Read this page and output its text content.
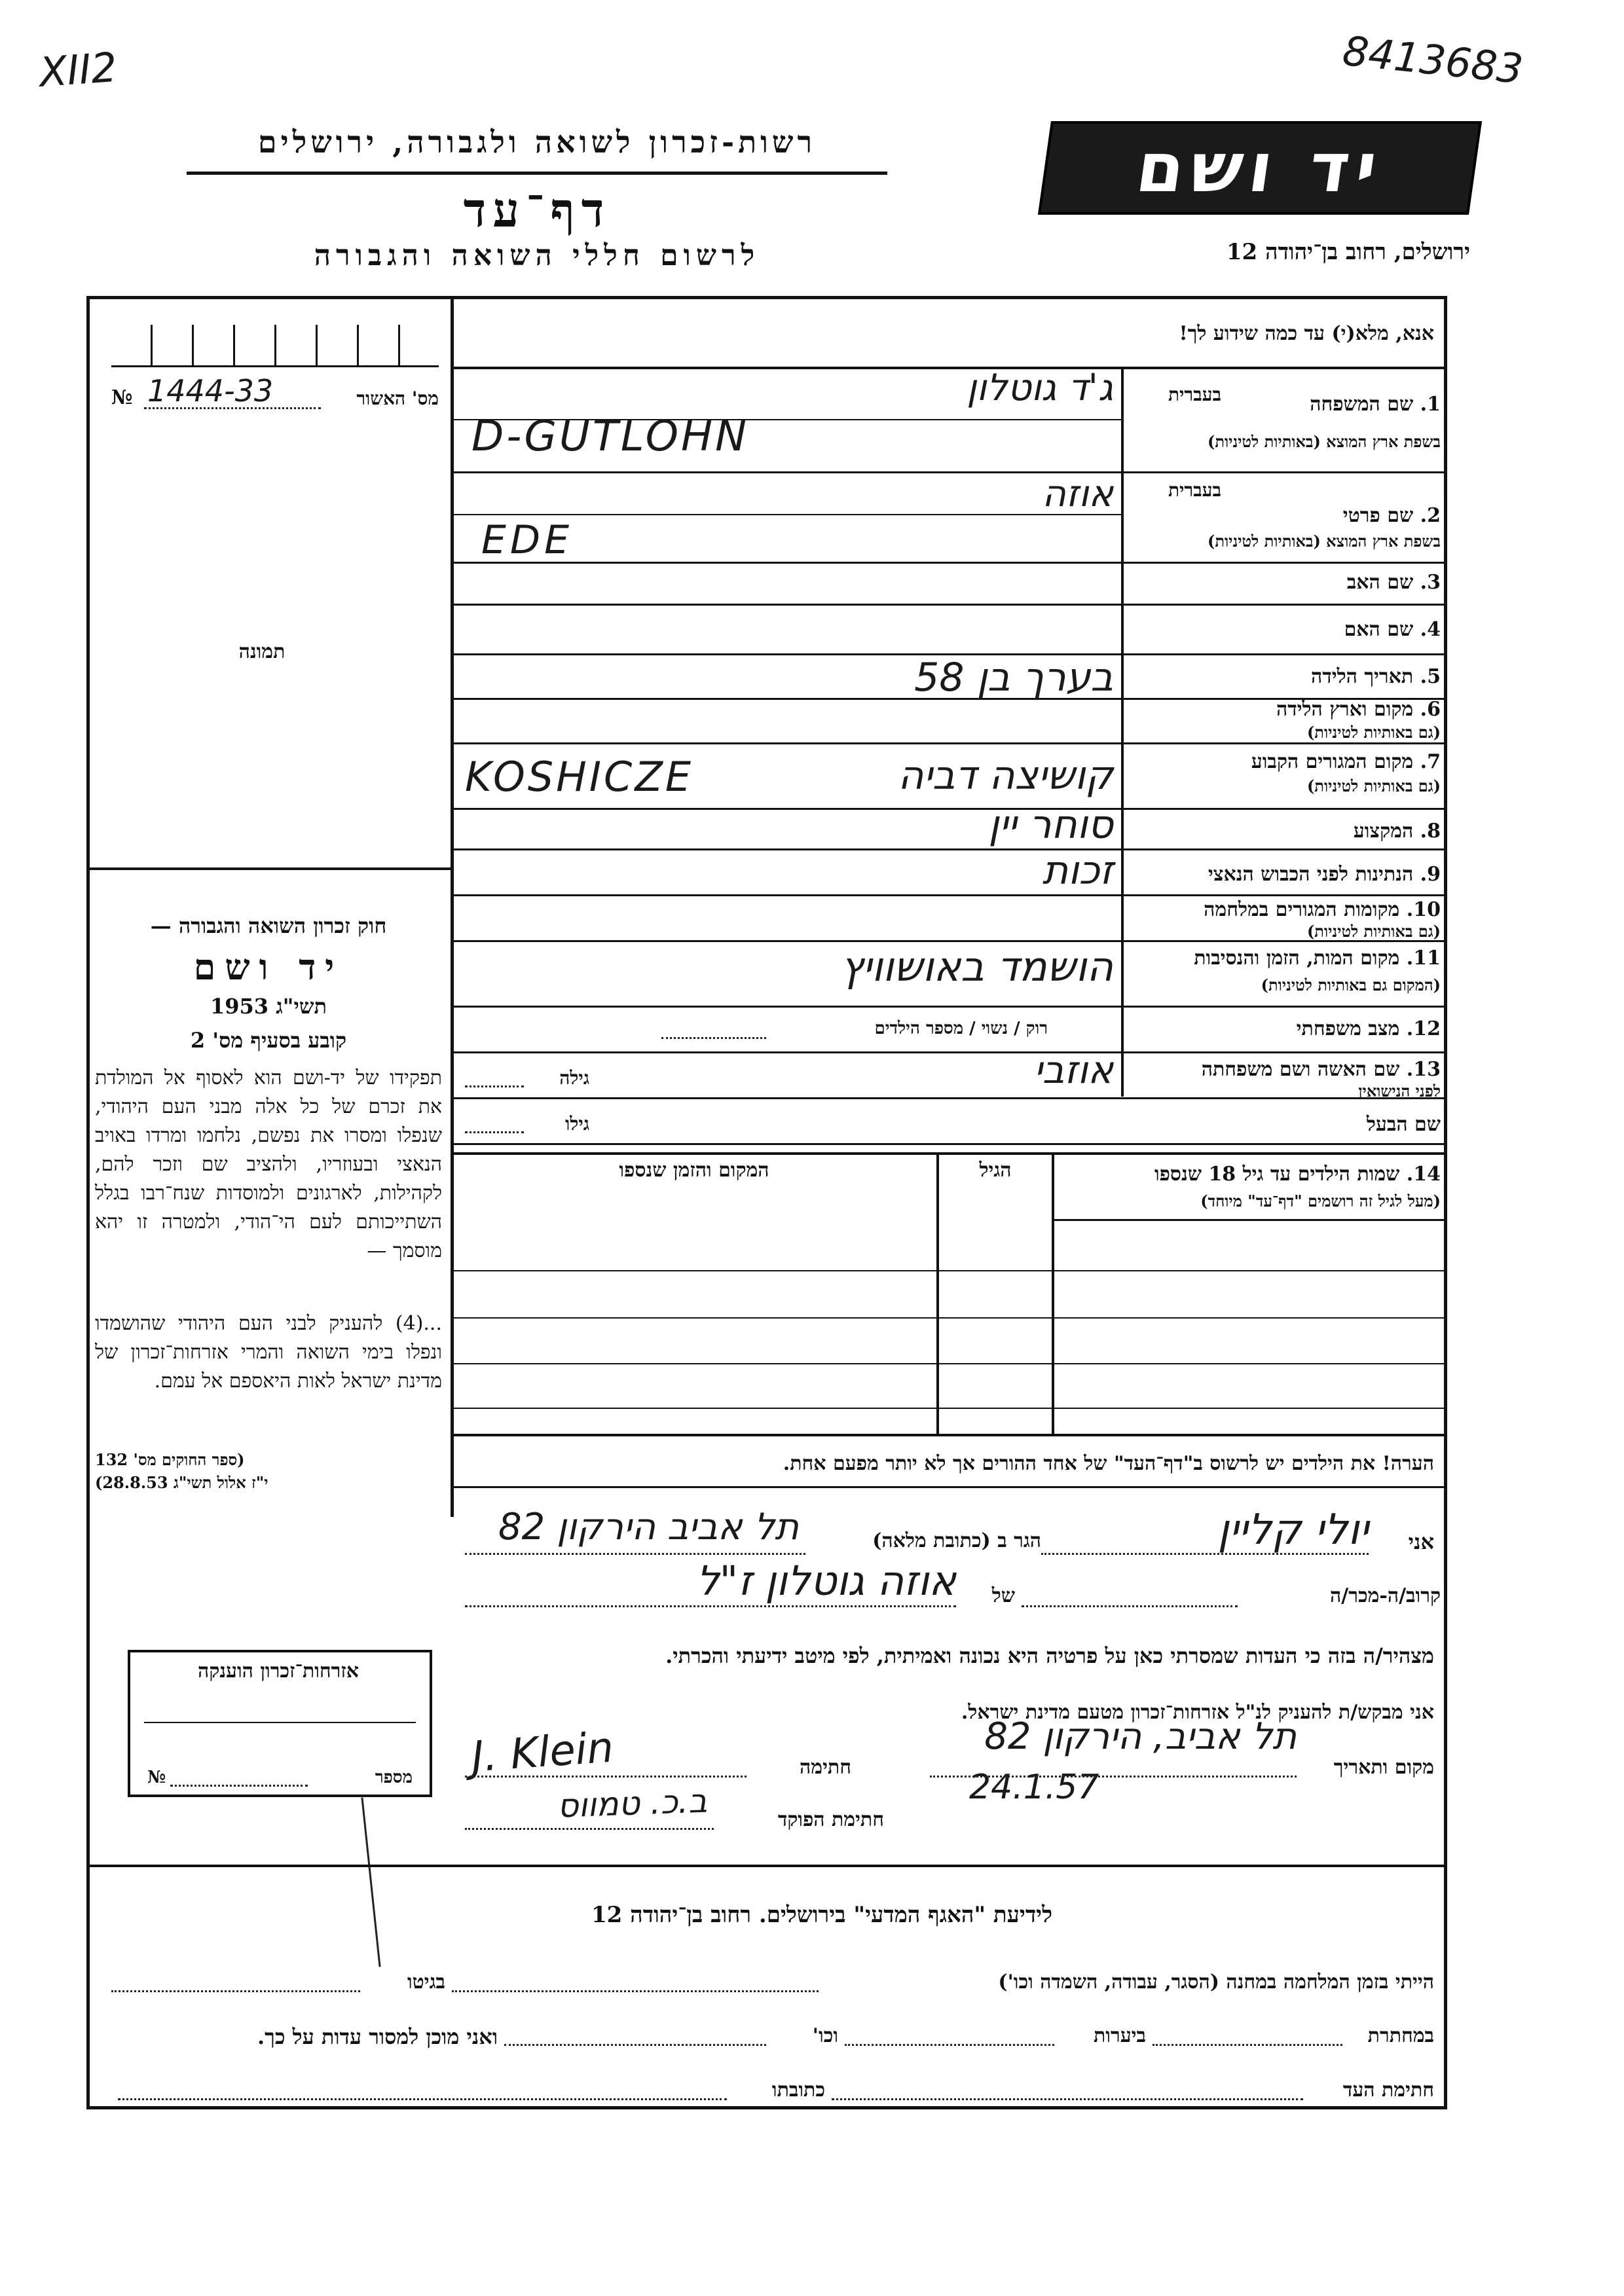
XII2	8413683
רשות-זכרון לשואה ולגבורה, ירושלים
דף־עד
לרשום חללי השואה והגבורה
יד ושם
ירושלים, רחוב בן־יהודה 12
מס' האשור
№ 1444-33
תמונה
חוק זכרון השואה והגבורה —
יד ושם
תשי"ג 1953
קובע בסעיף מס' 2
תפקידו של יד-ושם הוא לאסוף אל המולדת את זכרם של כל אלה מבני העם היהודי, שנפלו ומסרו את נפשם, נלחמו ומרדו באויב הנאצי ובעוזריו, ולהציב שם וזכר להם, לקהילות, לארגונים ולמוסדות שנח־רבו בגלל השתייכותם לעם הי־הודי, ולמטרה זו יהא מוסמך —
...(4) להעניק לבני העם היהודי שהושמדו ונפלו בימי השואה והמרי אזרחות־זכרון של מדינת ישראל לאות היאספם אל עמם.
(ספר החוקים מס' 132
י"ז אלול תשי"ג 28.8.53)
אנא, מלא(י) עד כמה שידוע לך!
1. שם המשפחה
בעברית
בשפת ארץ המוצא (באותיות לטיניות)
ג'ד גוטלון
D-GUTLOHN
2. שם פרטי
בעברית
בשפת ארץ המוצא (באותיות לטיניות)
אוזה
EDE
3. שם האב
4. שם האם
5. תאריך הלידה
בערך בן 58
6. מקום וארץ הלידה
(גם באותיות לטיניות)
7. מקום המגורים הקבוע
(גם באותיות לטיניות)
KOSHICZE	קושיצה דביה
8. המקצוע
סוחר יין
9. הנתינות לפני הכבוש הנאצי
זכות
10. מקומות המגורים במלחמה
(גם באותיות לטיניות)
11. מקום המות, הזמן והנסיבות
(המקום גם באותיות לטיניות)
הושמד באושוויץ
12. מצב משפחתי
רוק / נשוי / מספר הילדים
13. שם האשה ושם משפחתה
לפני הנישואין
גילה	אוזבי
שם הבעל
גילו
14. שמות הילדים עד גיל 18 שנספו
(מעל לגיל זה רושמים "דף־עד" מיוחד)
הגיל
המקום והזמן שנספו
הערה! את הילדים יש לרשוס ב"דף־העד" של אחד ההורים אך לא יותר מפעם אחת.
אני
יולי קליין
הגר ב (כתובת מלאה)
תל אביב הירקון 82
קרוב/ה-מכר/ה
של
אוזה גוטלון ז"ל
מצהיר/ה בזה כי העדות שמסרתי כאן על פרטיה היא נכונה ואמיתית, לפי מיטב ידיעתי והכרתי.
אני מבקש/ת להעניק לנ"ל אזרחות־זכרון מטעם מדינת ישראל.
מקום ותאריך
תל אביב, הירקון 82
24.1.57
חתימה
J. Klein
חתימת הפוקד
ב.כ. טמווס
אזרחות־זכרון הוענקה
מספר
№
לידיעת "האגף המדעי" בירושלים. רחוב בן־יהודה 12
הייתי בזמן המלחמה במחנה (הסגר, עבודה, השמדה וכו')
בגיטו
במחתרת
ביערות
וכו'
ואני מוכן למסור עדות על כך.
חתימת העד
כתובתו
